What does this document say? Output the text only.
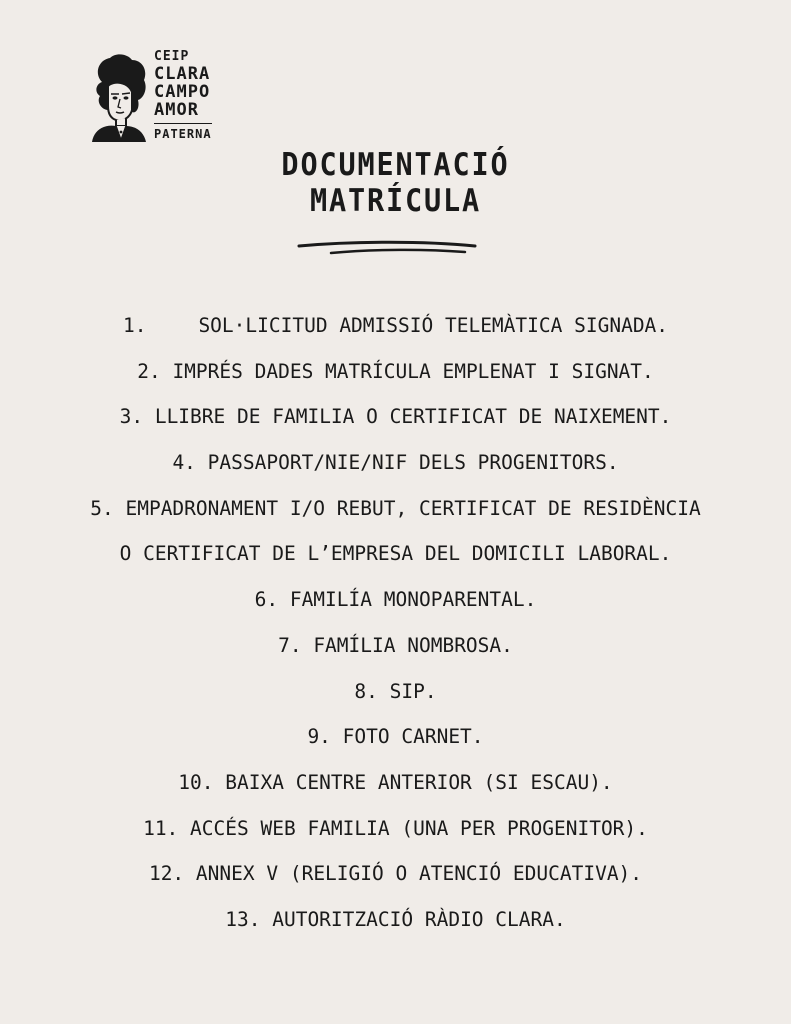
CEIP
CLARA
CAMPO
AMOR
PATERNA
DOCUMENTACIÓ
MATRÍCULA
1.	SOL·LICITUD ADMISSIÓ TELEMÀTICA SIGNADA.
2. IMPRÉS DADES MATRÍCULA EMPLENAT I SIGNAT.
3. LLIBRE DE FAMILIA O CERTIFICAT DE NAIXEMENT.
4. PASSAPORT/NIE/NIF DELS PROGENITORS.
5. EMPADRONAMENT I/O REBUT, CERTIFICAT DE RESIDÈNCIA
O CERTIFICAT DE L’EMPRESA DEL DOMICILI LABORAL.
6. FAMILÍA MONOPARENTAL.
7. FAMÍLIA NOMBROSA.
8. SIP.
9. FOTO CARNET.
10. BAIXA CENTRE ANTERIOR (SI ESCAU).
11. ACCÉS WEB FAMILIA (UNA PER PROGENITOR).
12. ANNEX V (RELIGIÓ O ATENCIÓ EDUCATIVA).
13. AUTORITZACIÓ RÀDIO CLARA.
